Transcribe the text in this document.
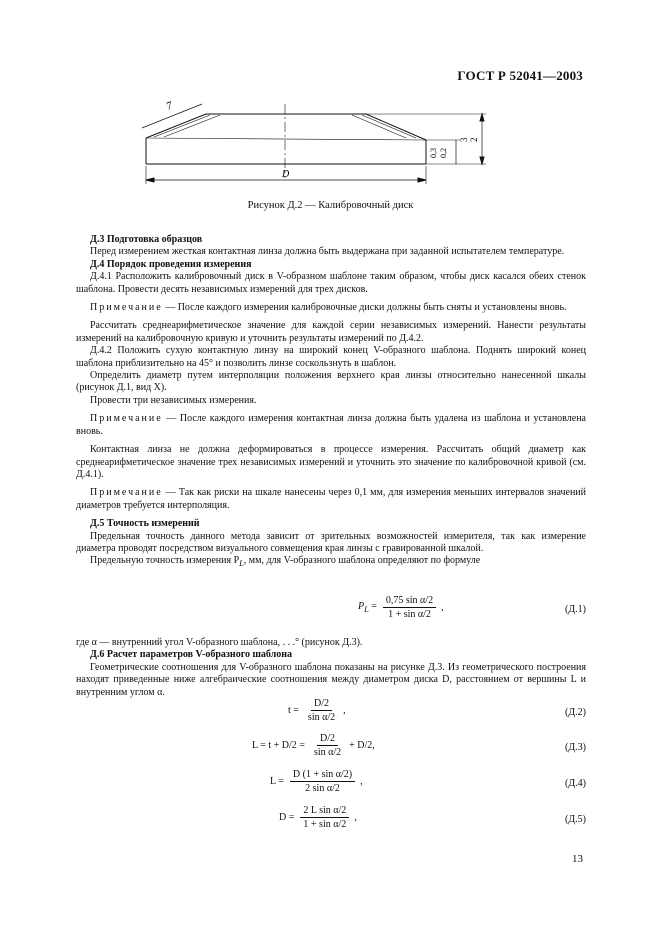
ГОСТ Р 52041—2003
7
D
0,3 0,2
3 2
Рисунок Д.2 — Калибровочный диск

Д.3 Подготовка образцов

Перед измерением жесткая контактная линза должна быть выдержана при заданной испытателем температуре.

Д.4 Порядок проведения измерения

Д.4.1 Расположить калибровочный диск в V-образном шаблоне таким образом, чтобы диск касался обеих стенок шаблона. Провести десять независимых измерений для трех дисков.

Примечание — После каждого измерения калибровочные диски должны быть сняты и установлены вновь.

Рассчитать среднеарифметическое значение для каждой серии независимых измерений. Нанести результаты измерений на калибровочную кривую и уточнить результаты измерений по Д.4.2.

Д.4.2 Положить сухую контактную линзу на широкий конец V-образного шаблона. Поднять широкий конец шаблона приблизительно на 45° и позволить линзе соскользнуть в шаблон.

Определить диаметр путем интерполяции положения верхнего края линзы относительно нанесенной шкалы (рисунок Д.1, вид X).

Провести три независимых измерения.

Примечание — После каждого измерения контактная линза должна быть удалена из шаблона и установлена вновь.

Контактная линза не должна деформироваться в процессе измерения. Рассчитать общий диаметр как среднеарифметическое значение трех независимых измерений и уточнить это значение по калибровочной кривой (см. Д.4.1).

Примечание — Так как риски на шкале нанесены через 0,1 мм, для измерения меньших интервалов значений диаметров требуется интерполяция.

Д.5 Точность измерений

Предельная точность данного метода зависит от зрительных возможностей измерителя, так как измерение диаметра проводят посредством визуального совмещения края линзы с гравированной шкалой.

Предельную точность измерения $P_L$, мм, для V-образного шаблона определяют по формуле

$P_L = \frac{\text{0,75 sin α/2}}{\text{1 + sin α/2}}$ ,	(Д.1)

где α — внутренний угол V-образного шаблона, . . .° (рисунок Д.3).

Д.6 Расчет параметров V-образного шаблона

Геометрические соотношения для V-образного шаблона показаны на рисунке Д.3. Из геометрического построения находят приведенные ниже алгебраические соотношения между диаметром диска D, расстоянием от вершины L и внутренним углом α.

$t = \frac{D/2}{\text{sin α/2}}$ ,	(Д.2)
$L = t + D/2 = \frac{D/2}{\text{sin α/2}} + D/2$,	(Д.3)
$L = \frac{\text{D (1 + sin α/2)}}{\text{2 sin α/2}}$ ,	(Д.4)
$D = \frac{\text{2 L sin α/2}}{\text{1 + sin α/2}}$ ,	(Д.5)
13
